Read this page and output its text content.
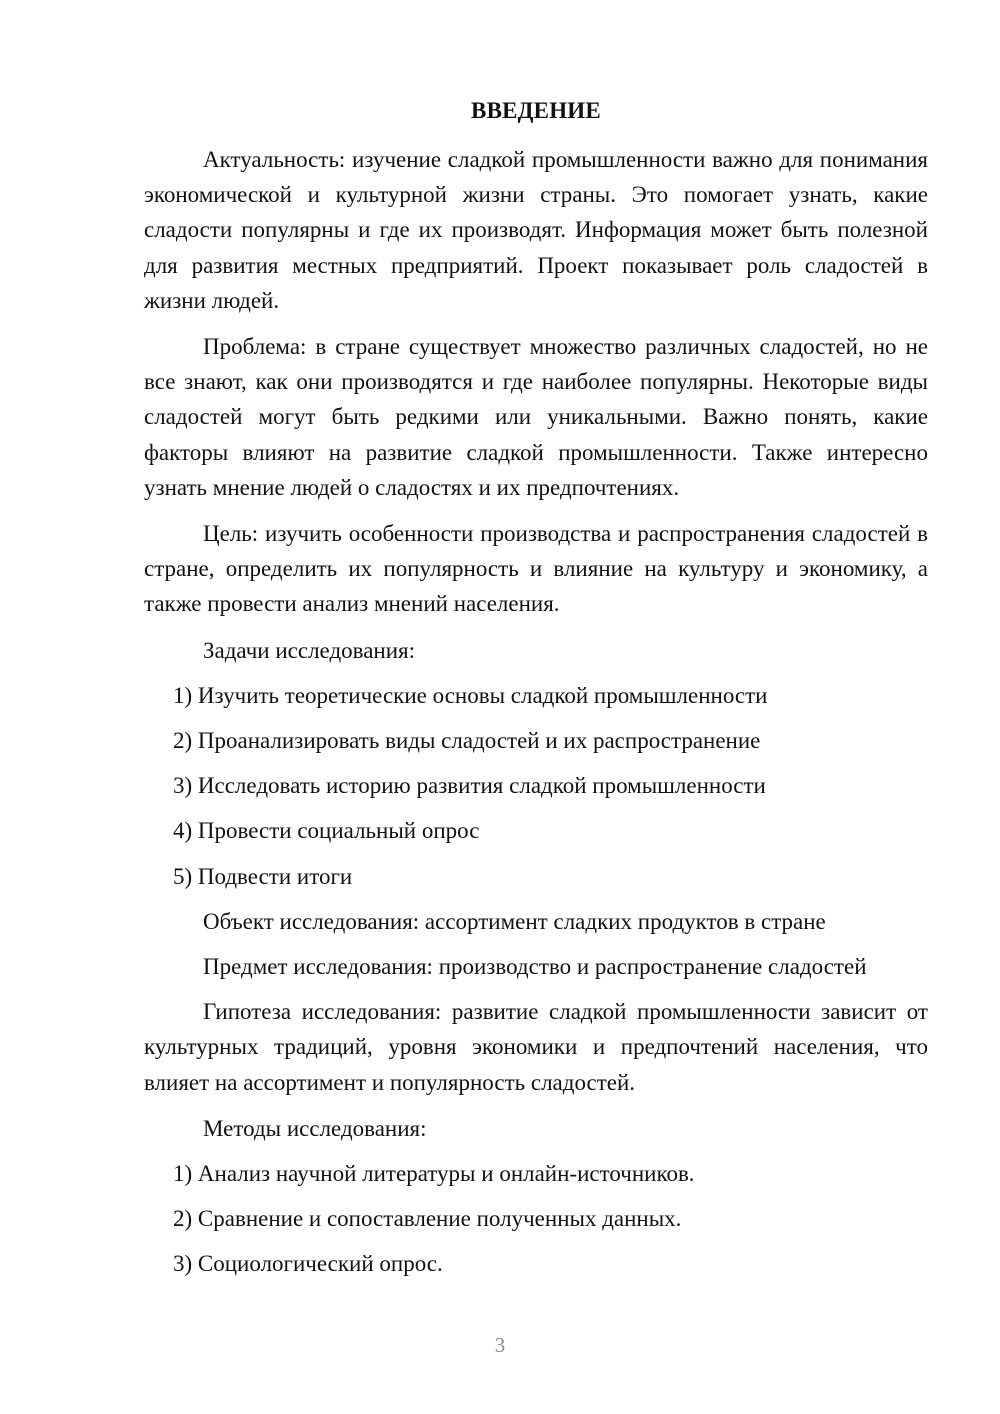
ВВЕДЕНИЕ

Актуальность: изучение сладкой промышленности важно для понимания экономической и культурной жизни страны. Это помогает узнать, какие сладости популярны и где их производят. Информация может быть полезной для развития местных предприятий. Проект показывает роль сладостей в жизни людей.

Проблема: в стране существует множество различных сладостей, но не все знают, как они производятся и где наиболее популярны. Некоторые виды сладостей могут быть редкими или уникальными. Важно понять, какие факторы влияют на развитие сладкой промышленности. Также интересно узнать мнение людей о сладостях и их предпочтениях.

Цель: изучить особенности производства и распространения сладостей в стране, определить их популярность и влияние на культуру и экономику, а также провести анализ мнений населения.

Задачи исследования:
1) Изучить теоретические основы сладкой промышленности
2) Проанализировать виды сладостей и их распространение
3) Исследовать историю развития сладкой промышленности
4) Провести социальный опрос
5) Подвести итоги
Объект исследования: ассортимент сладких продуктов в стране
Предмет исследования: производство и распространение сладостей

Гипотеза исследования: развитие сладкой промышленности зависит от культурных традиций, уровня экономики и предпочтений населения, что влияет на ассортимент и популярность сладостей.

Методы исследования:
1) Анализ научной литературы и онлайн-источников.
2) Сравнение и сопоставление полученных данных.
3) Социологический опрос.
3
